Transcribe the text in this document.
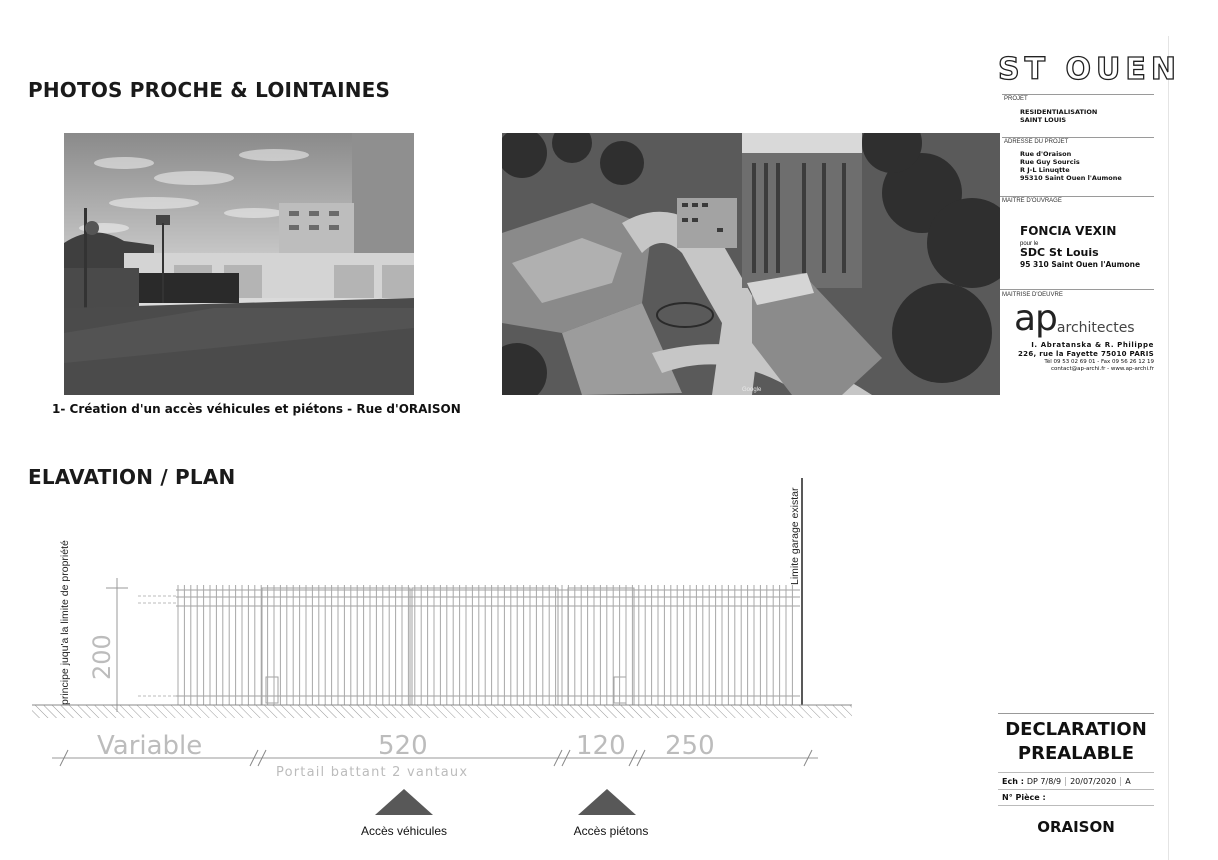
PHOTOS PROCHE & LOINTAINES
ELAVATION / PLAN
1- Création d'un accès véhicules et piétons - Rue d'ORAISON
Google
ST OUEN
PROJET
RESIDENTIALISATION
SAINT LOUIS
ADRESSE DU PROJET
Rue d'Oraison
Rue Guy Sourcis
R J-L Linuqtte
95310 Saint Ouen l'Aumone
MAITRE D'OUVRAGE
FONCIA VEXIN
pour le
SDC St Louis
95 310 Saint Ouen l'Aumone
MAITRISE D'OEUVRE
aparchitectes
I. Abratanska & R. Philippe
226, rue la Fayette 75010 PARIS
Tél 09 53 02 69 01 - Fax 09 56 26 12 19
contact@ap-archi.fr - www.ap-archi.fr
principe juqu'a la limite de propriété
Limite garage existar
200
Variable	520	120 250
Portail battant 2 vantaux
Accès véhicules	Accès piétons
DECLARATION
PREALABLE
Ech : DP 7/8/9	20/07/2020	A
N° Pièce :
ORAISON
